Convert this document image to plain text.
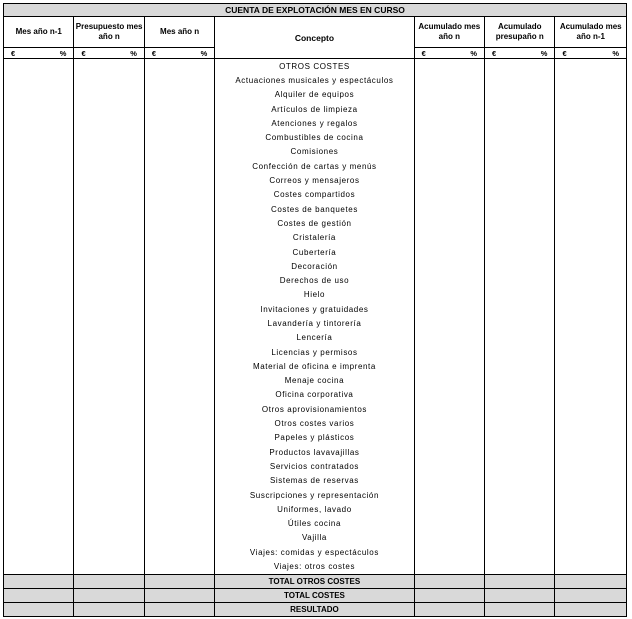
CUENTA DE EXPLOTACIÓN MES EN CURSO												
Mes año n-1		Presupuesto mes año n		Mes año n		Concepto	Acumulado mes año n		Acumulado presupaño n		Acumulado mes año n-1	
€	%	€	%	€	%		€	%	€	%	€	%
						OTROS COSTES						
						Actuaciones musicales y espectáculos						
						Alquiler de equipos						
						Artículos de limpieza						
						Atenciones y regalos						
						Combustibles de cocina						
						Comisiones						
						Confección de cartas y menús						
						Correos y mensajeros						
						Costes compartidos						
						Costes de banquetes						
						Costes de gestión						
						Cristalería						
						Cubertería						
						Decoración						
						Derechos de uso						
						Hielo						
						Invitaciones y gratuidades						
						Lavandería y tintorería						
						Lencería						
						Licencias y permisos						
						Material de oficina e imprenta						
						Menaje cocina						
						Oficina corporativa						
						Otros aprovisionamientos						
						Otros costes varios						
						Papeles y plásticos						
						Productos lavavajillas						
						Servicios contratados						
						Sistemas de reservas						
						Suscripciones y representación						
						Uniformes, lavado						
						Útiles cocina						
						Vajilla						
						Viajes: comidas y espectáculos						
						Viajes: otros costes						
						TOTAL OTROS COSTES						
						TOTAL COSTES						
						RESULTADO						
